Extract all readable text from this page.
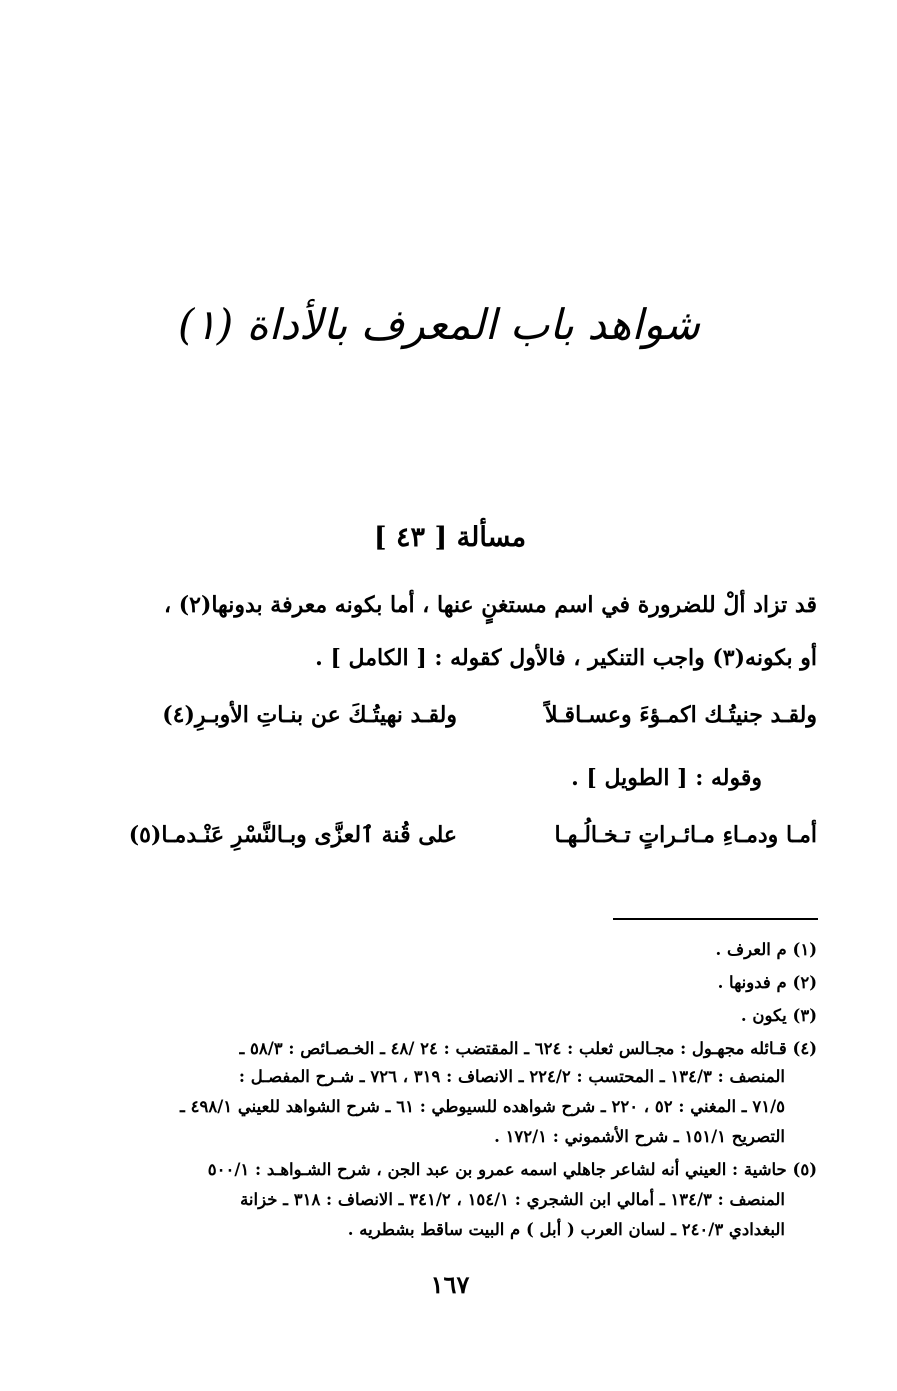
شواهد باب المعرف بالأداة (١)
مسألة [ ٤٣ ]
قد تزاد ألْ للضرورة في اسم مستغنٍ عنها ، أما بكونه معرفة بدونها(٢) ،
أو بكونه(٣) واجب التنكير ، فالأول كقوله : [ الكامل ] .
ولقـد جنيتُـك اكمـؤءَ وعسـاقـلاً
ولقـد نهيتُـكَ عن بنـاتِ الأوبـرِ(٤)
وقوله : [ الطويل ] .
أمـا ودمـاءِ مـائـراتٍ تـخـالُـهـا
على قُنة ٱلعزَّى وبـالنَّسْرِ عَنْـدمـا(٥)
(١) م العرف .
(٢) م فدونها .
(٣) يكون .
(٤) قـائله مجهـول : مجـالس ثعلب : ٦٢٤ ـ المقتضب : ٢٤ /٤٨ ـ الخـصـائص : ٥٨/٣ ـ
المنصف : ١٣٤/٣ ـ المحتسب : ٢٢٤/٢ ـ الانصاف : ٣١٩ ، ٧٢٦ ـ شـرح المفصـل :
٧١/٥ ـ المغني : ٥٢ ، ٢٢٠ ـ شرح شواهده للسيوطي : ٦١ ـ شرح الشواهد للعيني ٤٩٨/١ ـ
التصريح ١٥١/١ ـ شرح الأشموني : ١٧٢/١ .
(٥) حاشية : العيني أنه لشاعر جاهلي اسمه عمرو بن عبد الجن ، شرح الشـواهـد : ٥٠٠/١
المنصف : ١٣٤/٣ ـ أمالي ابن الشجري : ١٥٤/١ ، ٣٤١/٢ ـ الانصاف : ٣١٨ ـ خزانة
البغدادي ٢٤٠/٣ ـ لسان العرب ( أبل ) م البيت ساقط بشطريه .
١٦٧
